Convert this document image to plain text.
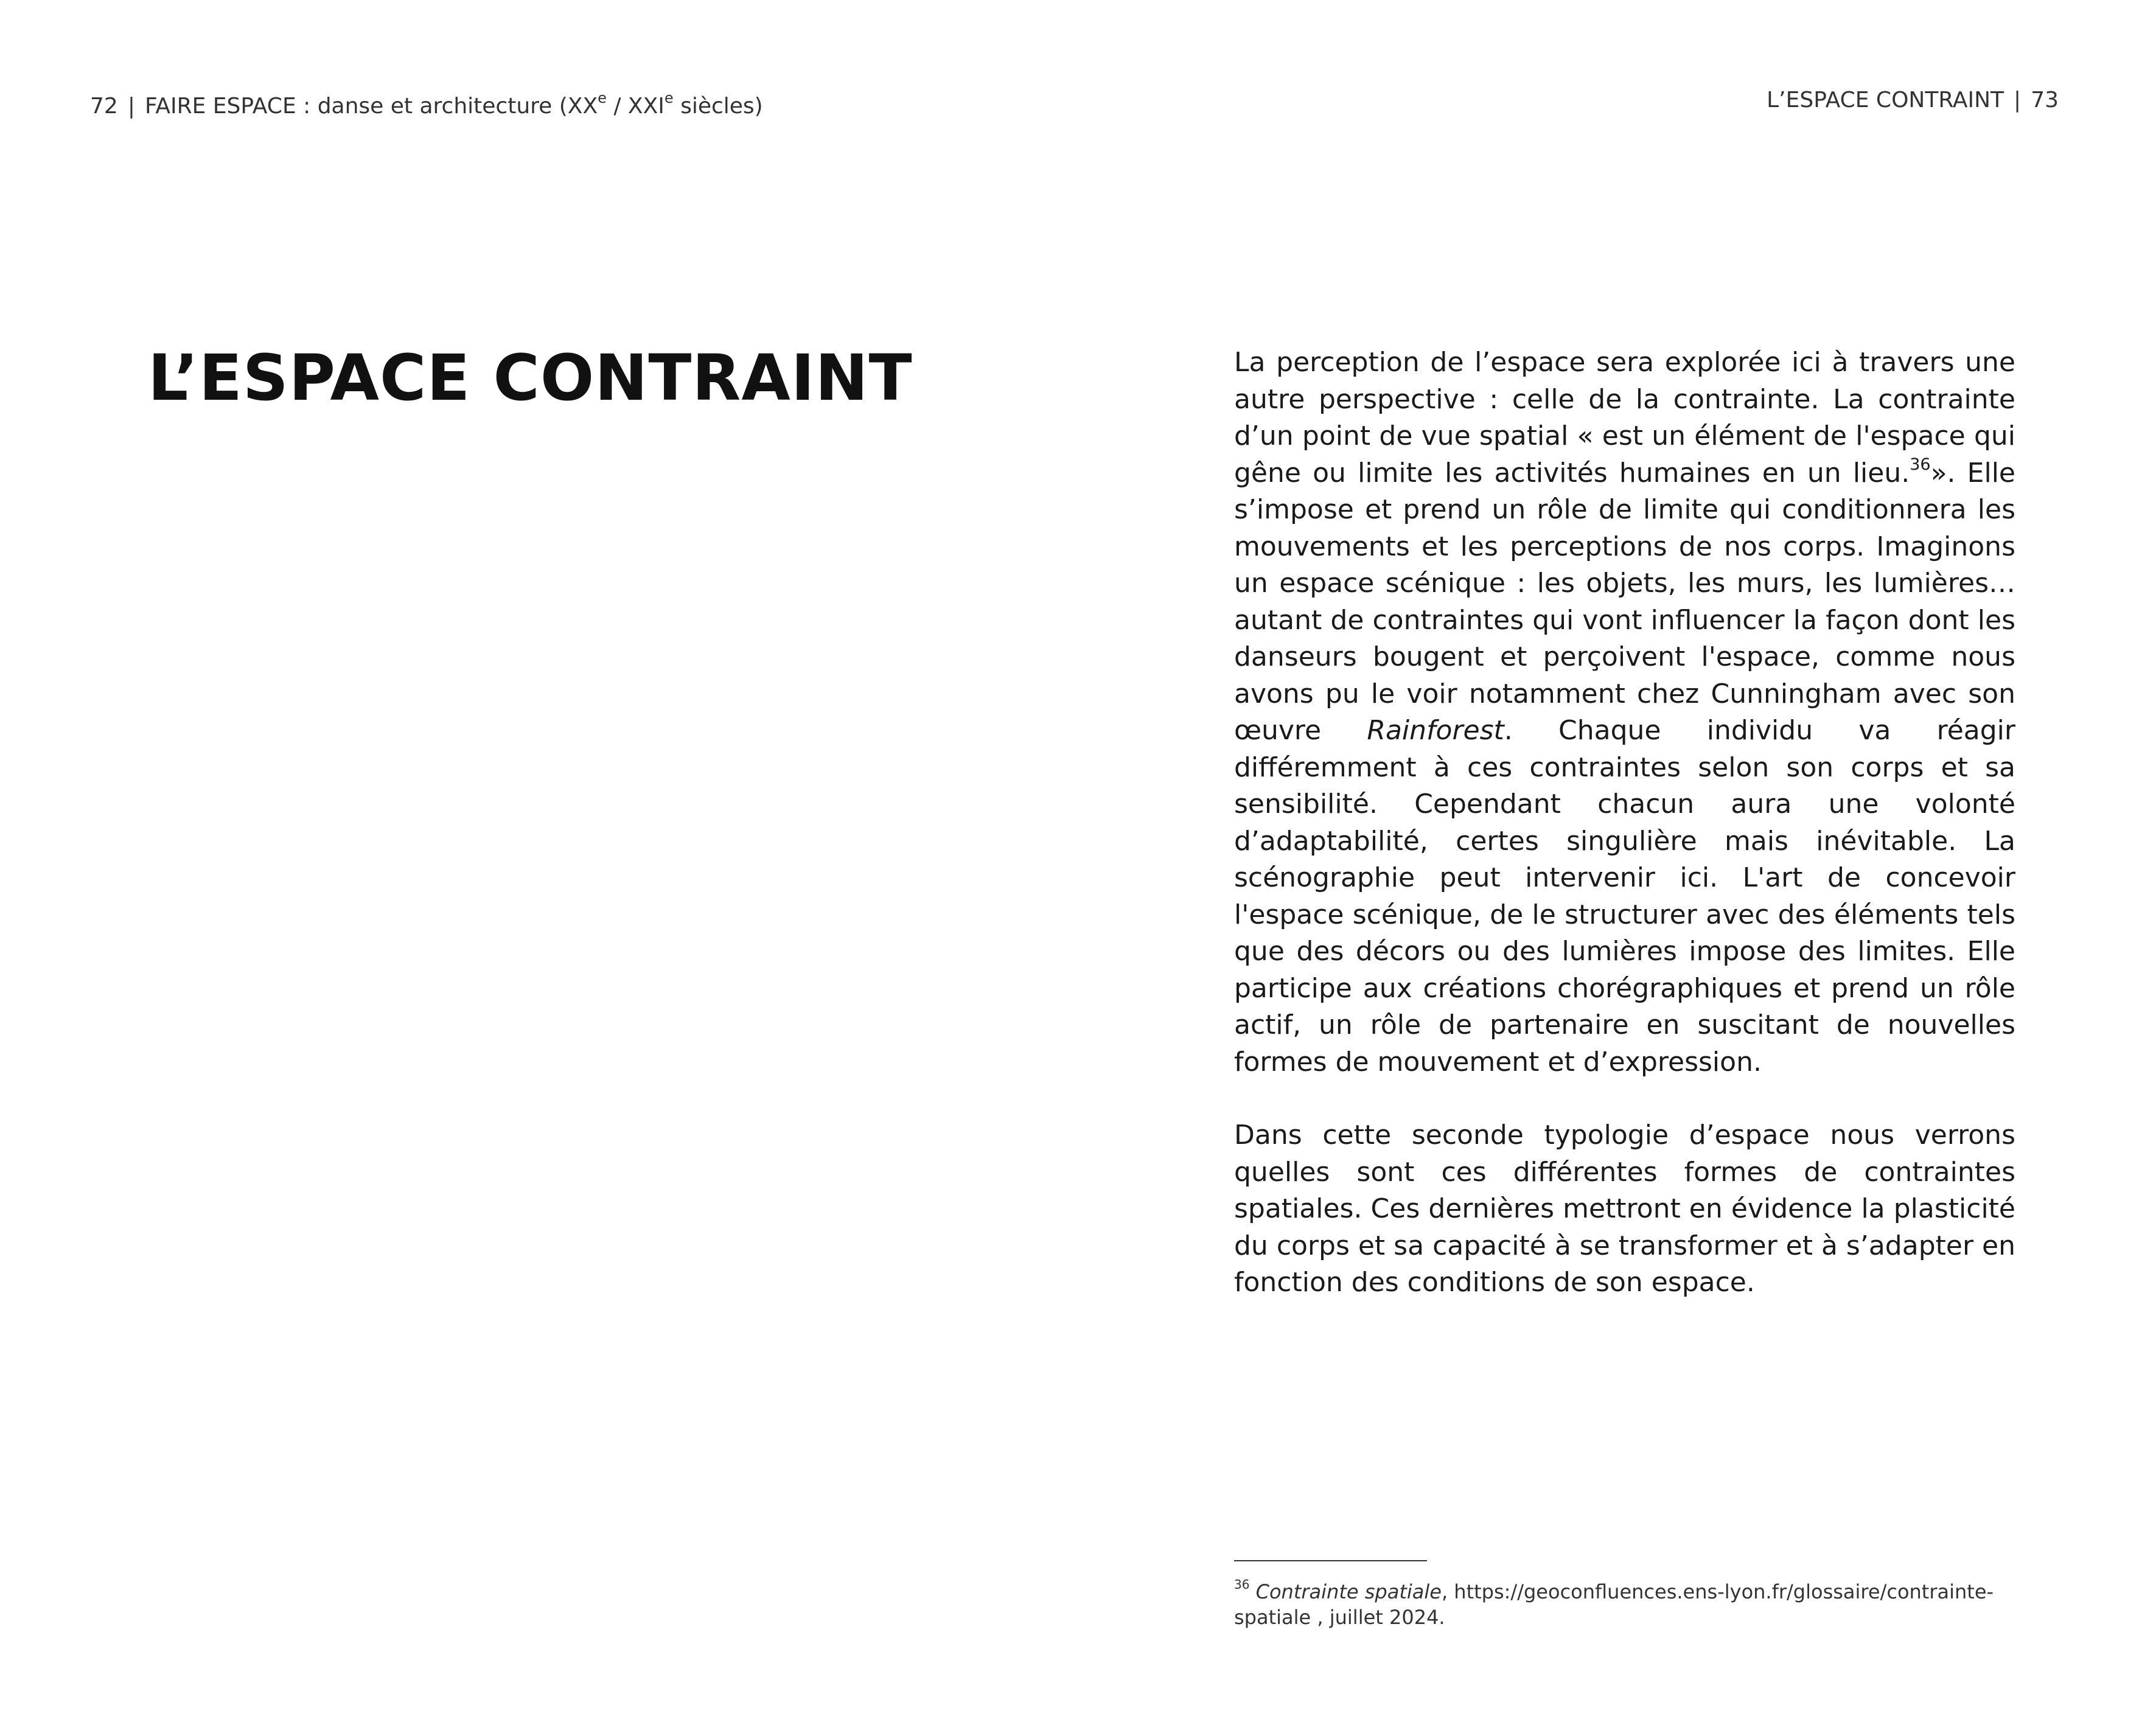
72 | FAIRE ESPACE : danse et architecture (XXe / XXIe siècles)
L’ESPACE CONTRAINT
L’ESPACE CONTRAINT | 73

La perception de l’espace sera explorée ici à travers une autre perspective : celle de la contrainte. La contrainte d’un point de vue spatial « est un élément de l'espace qui gêne ou limite les activités humaines en un lieu.$^{36}$». Elle s’impose et prend un rôle de limite qui conditionnera les mouvements et les perceptions de nos corps. Imaginons un espace scénique : les objets, les murs, les lumières… autant de contraintes qui vont influencer la façon dont les danseurs bougent et perçoivent l'espace, comme nous avons pu le voir notamment chez Cunningham avec son œuvre Rainforest. Chaque individu va réagir différemment à ces contraintes selon son corps et sa sensibilité. Cependant chacun aura une volonté d’adaptabilité, certes singulière mais inévitable. La scénographie peut intervenir ici. L'art de concevoir l'espace scénique, de le structurer avec des éléments tels que des décors ou des lumières impose des limites. Elle participe aux créations chorégraphiques et prend un rôle actif, un rôle de partenaire en suscitant de nouvelles formes de mouvement et d’expression.

Dans cette seconde typologie d’espace nous verrons quelles sont ces différentes formes de contraintes spatiales. Ces dernières mettront en évidence la plasticité du corps et sa capacité à se transformer et à s’adapter en fonction des conditions de son espace.

$^{36}$ Contrainte spatiale, https://geoconfluences.ens-lyon.fr/glossaire/contrainte-spatiale , juillet 2024.
